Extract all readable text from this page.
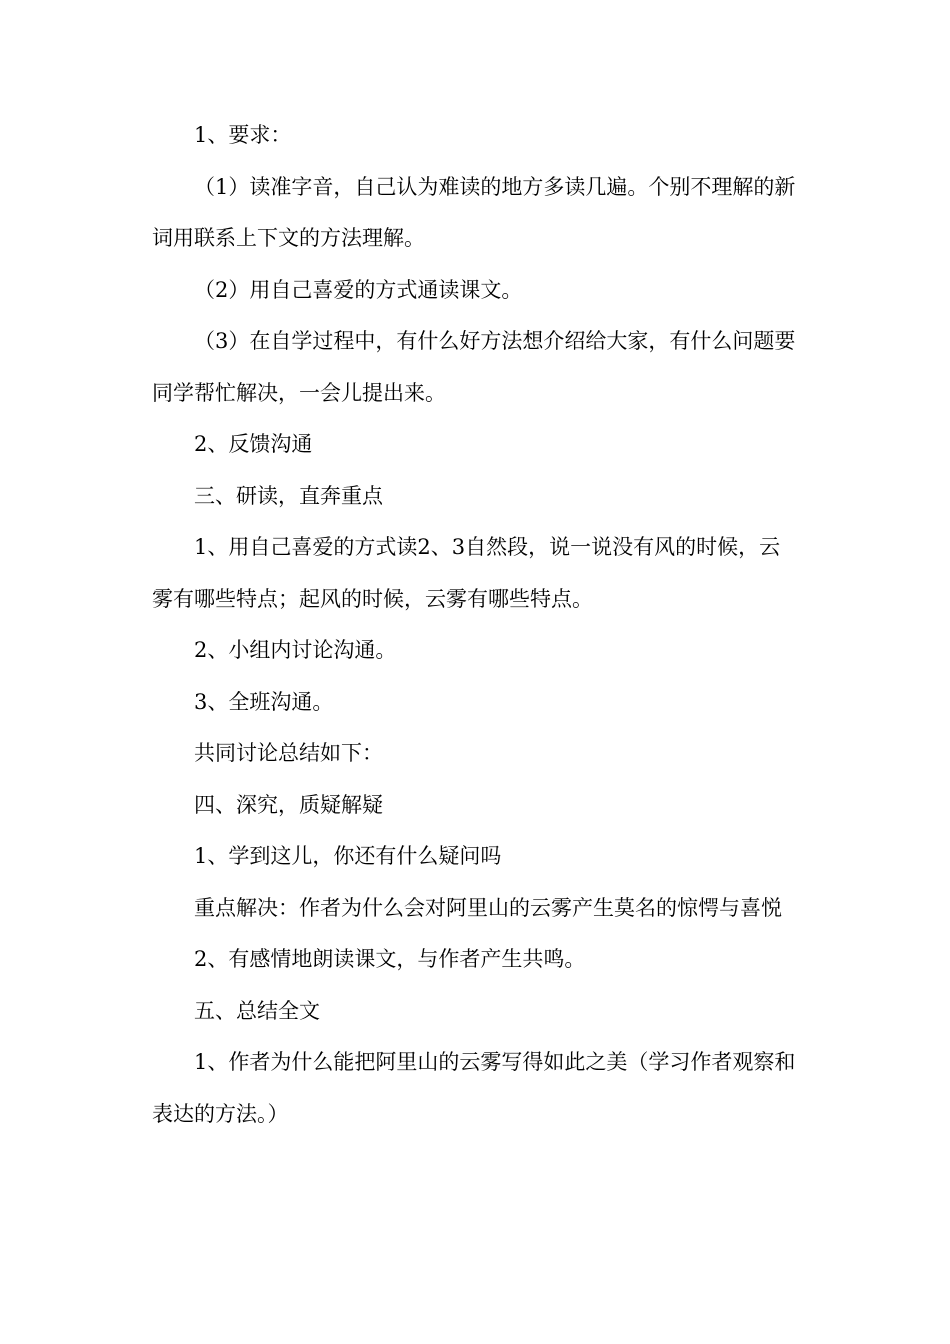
1、要求：

（1）读准字音，自己认为难读的地方多读几遍。个别不理解的新词用联系上下文的方法理解。

（2）用自己喜爱的方式通读课文。

（3）在自学过程中，有什么好方法想介绍给大家，有什么问题要同学帮忙解决，一会儿提出来。

2、反馈沟通

三、研读，直奔重点

1、用自己喜爱的方式读2、3自然段，说一说没有风的时候，云雾有哪些特点；起风的时候，云雾有哪些特点。

2、小组内讨论沟通。

3、全班沟通。

共同讨论总结如下：

四、深究，质疑解疑

1、学到这儿，你还有什么疑问吗

重点解决：作者为什么会对阿里山的云雾产生莫名的惊愕与喜悦

2、有感情地朗读课文，与作者产生共鸣。

五、总结全文

1、作者为什么能把阿里山的云雾写得如此之美（学习作者观察和表达的方法。）
